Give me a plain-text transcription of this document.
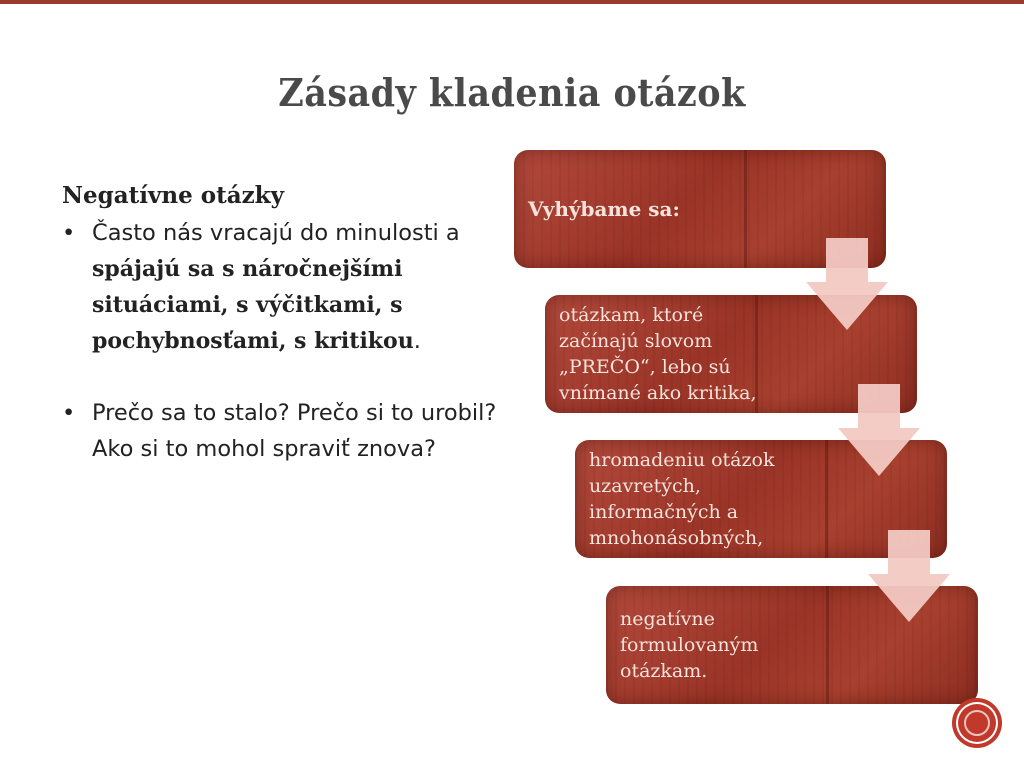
Zásady kladenia otázok
Negatívne otázky
• Často nás vracajú do minulosti a spájajú sa s náročnejšími situáciami, s výčitkami, s pochybnosťami, s kritikou.
• Prečo sa to stalo? Prečo si to urobil? Ako si to mohol spraviť znova?
Vyhýbame sa:
otázkam, ktoré začínajú slovom „PREČO“, lebo sú vnímané ako kritika,
hromadeniu otázok uzavretých, informačných a mnohonásobných,
negatívne formulovaným otázkam.
